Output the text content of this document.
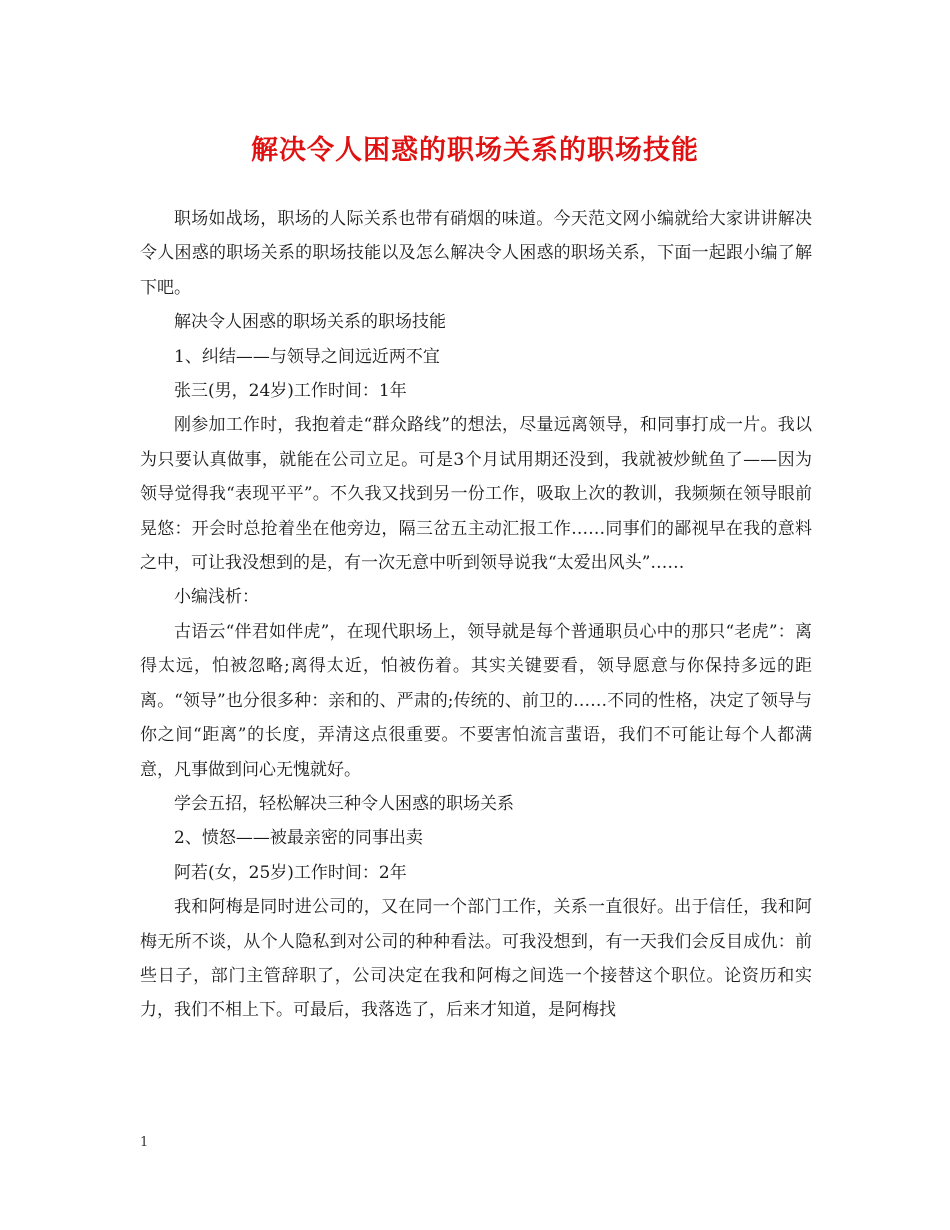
解决令人困惑的职场关系的职场技能

职场如战场，职场的人际关系也带有硝烟的味道。今天范文网小编就给大家讲讲解决令人困惑的职场关系的职场技能以及怎么解决令人困惑的职场关系，下面一起跟小编了解下吧。

解决令人困惑的职场关系的职场技能

1、纠结——与领导之间远近两不宜

张三(男，24岁)工作时间：1年

刚参加工作时，我抱着走“群众路线”的想法，尽量远离领导，和同事打成一片。我以为只要认真做事，就能在公司立足。可是3个月试用期还没到，我就被炒鱿鱼了——因为领导觉得我“表现平平”。不久我又找到另一份工作，吸取上次的教训，我频频在领导眼前晃悠：开会时总抢着坐在他旁边，隔三岔五主动汇报工作……同事们的鄙视早在我的意料之中，可让我没想到的是，有一次无意中听到领导说我“太爱出风头”……

小编浅析：

古语云“伴君如伴虎”，在现代职场上，领导就是每个普通职员心中的那只“老虎”：离得太远，怕被忽略;离得太近，怕被伤着。其实关键要看，领导愿意与你保持多远的距离。“领导”也分很多种：亲和的、严肃的;传统的、前卫的……不同的性格，决定了领导与你之间“距离”的长度，弄清这点很重要。不要害怕流言蜚语，我们不可能让每个人都满意，凡事做到问心无愧就好。

学会五招，轻松解决三种令人困惑的职场关系

2、愤怒——被最亲密的同事出卖

阿若(女，25岁)工作时间：2年

我和阿梅是同时进公司的，又在同一个部门工作，关系一直很好。出于信任，我和阿梅无所不谈，从个人隐私到对公司的种种看法。可我没想到，有一天我们会反目成仇：前些日子，部门主管辞职了，公司决定在我和阿梅之间选一个接替这个职位。论资历和实力，我们不相上下。可最后，我落选了，后来才知道，是阿梅找

1
